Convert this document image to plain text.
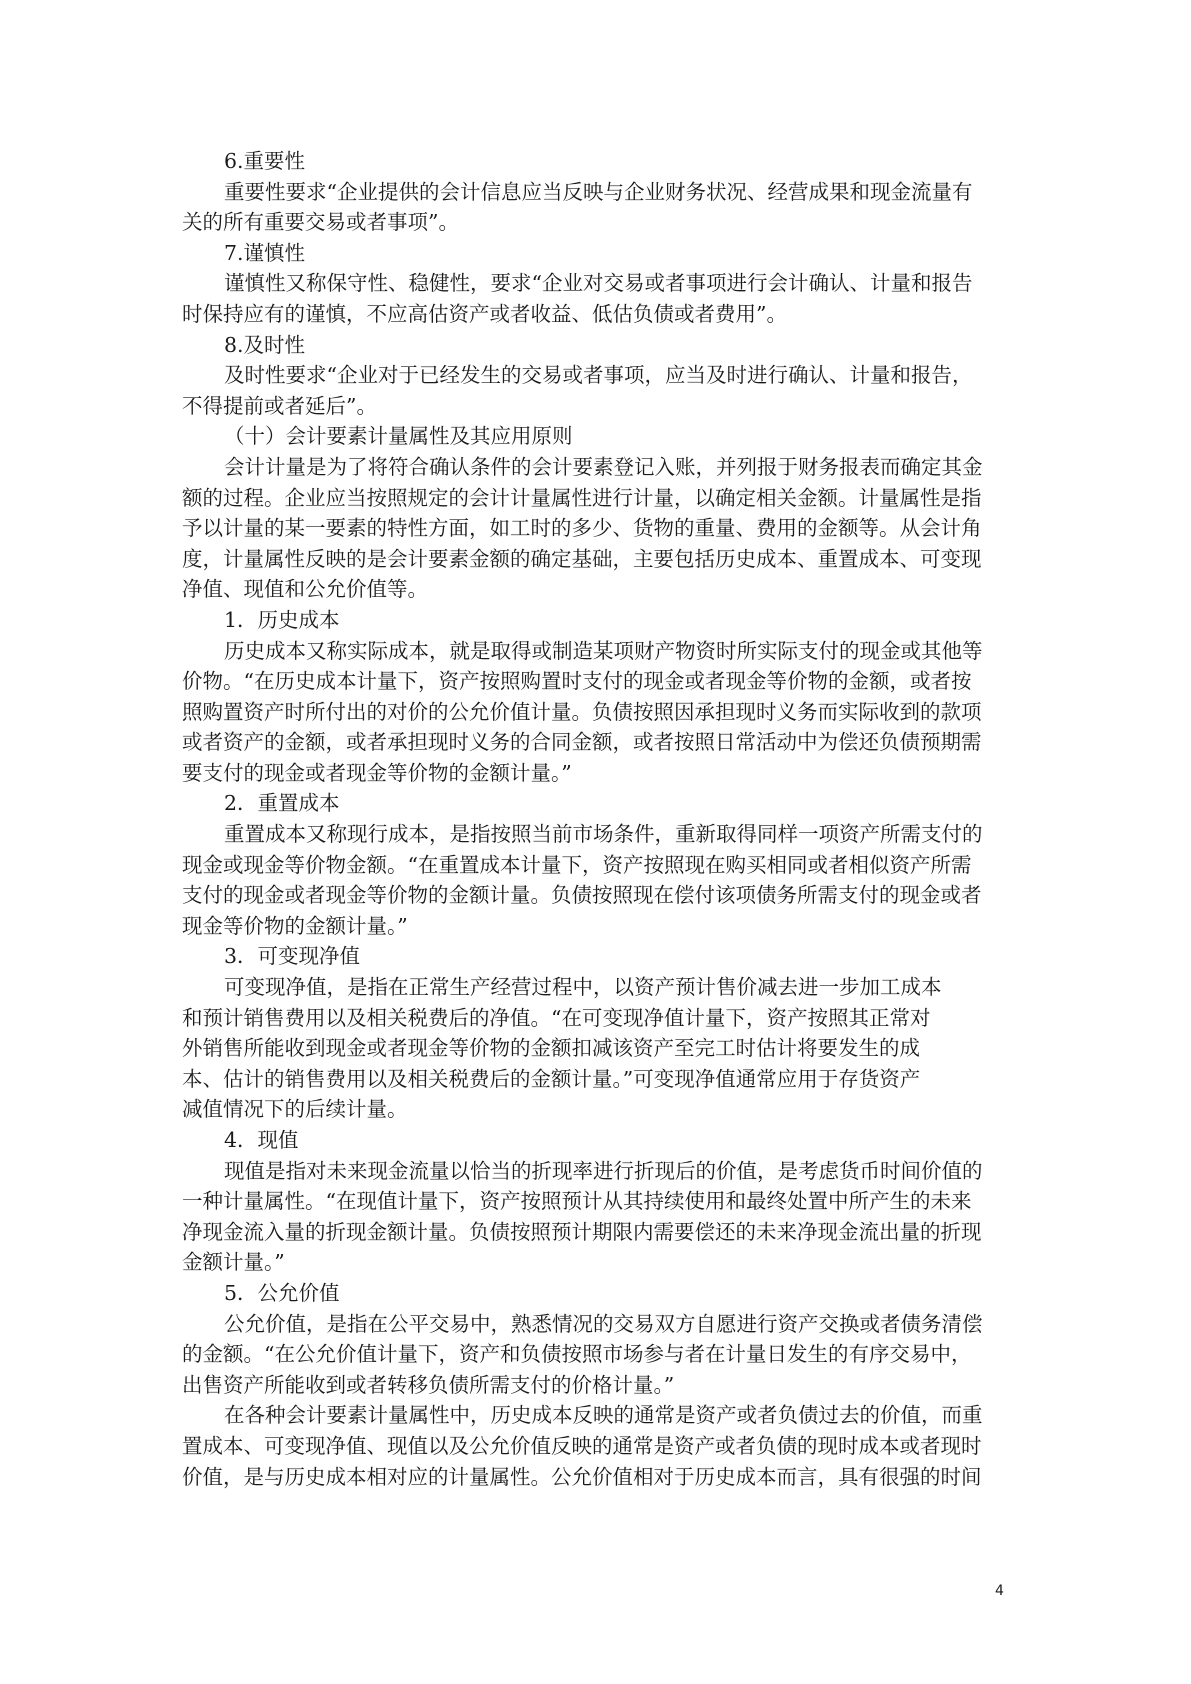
6.重要性
重要性要求“企业提供的会计信息应当反映与企业财务状况、经营成果和现金流量有
关的所有重要交易或者事项”。
7.谨慎性
谨慎性又称保守性、稳健性，要求“企业对交易或者事项进行会计确认、计量和报告
时保持应有的谨慎，不应高估资产或者收益、低估负债或者费用”。
8.及时性
及时性要求“企业对于已经发生的交易或者事项，应当及时进行确认、计量和报告，
不得提前或者延后”。
（十）会计要素计量属性及其应用原则
会计计量是为了将符合确认条件的会计要素登记入账，并列报于财务报表而确定其金
额的过程。企业应当按照规定的会计计量属性进行计量，以确定相关金额。计量属性是指
予以计量的某一要素的特性方面，如工时的多少、货物的重量、费用的金额等。从会计角
度，计量属性反映的是会计要素金额的确定基础，主要包括历史成本、重置成本、可变现
净值、现值和公允价值等。
1．历史成本
历史成本又称实际成本，就是取得或制造某项财产物资时所实际支付的现金或其他等
价物。“在历史成本计量下，资产按照购置时支付的现金或者现金等价物的金额，或者按
照购置资产时所付出的对价的公允价值计量。负债按照因承担现时义务而实际收到的款项
或者资产的金额，或者承担现时义务的合同金额，或者按照日常活动中为偿还负债预期需
要支付的现金或者现金等价物的金额计量。”
2．重置成本
重置成本又称现行成本，是指按照当前市场条件，重新取得同样一项资产所需支付的
现金或现金等价物金额。“在重置成本计量下，资产按照现在购买相同或者相似资产所需
支付的现金或者现金等价物的金额计量。负债按照现在偿付该项债务所需支付的现金或者
现金等价物的金额计量。”
3．可变现净值
可变现净值，是指在正常生产经营过程中，以资产预计售价减去进一步加工成本
和预计销售费用以及相关税费后的净值。“在可变现净值计量下，资产按照其正常对
外销售所能收到现金或者现金等价物的金额扣减该资产至完工时估计将要发生的成
本、估计的销售费用以及相关税费后的金额计量。”可变现净值通常应用于存货资产
减值情况下的后续计量。
4．现值
现值是指对未来现金流量以恰当的折现率进行折现后的价值，是考虑货币时间价值的
一种计量属性。“在现值计量下，资产按照预计从其持续使用和最终处置中所产生的未来
净现金流入量的折现金额计量。负债按照预计期限内需要偿还的未来净现金流出量的折现
金额计量。”
5．公允价值
公允价值，是指在公平交易中，熟悉情况的交易双方自愿进行资产交换或者债务清偿
的金额。“在公允价值计量下，资产和负债按照市场参与者在计量日发生的有序交易中，
出售资产所能收到或者转移负债所需支付的价格计量。”
在各种会计要素计量属性中，历史成本反映的通常是资产或者负债过去的价值，而重
置成本、可变现净值、现值以及公允价值反映的通常是资产或者负债的现时成本或者现时
价值，是与历史成本相对应的计量属性。公允价值相对于历史成本而言，具有很强的时间
4
